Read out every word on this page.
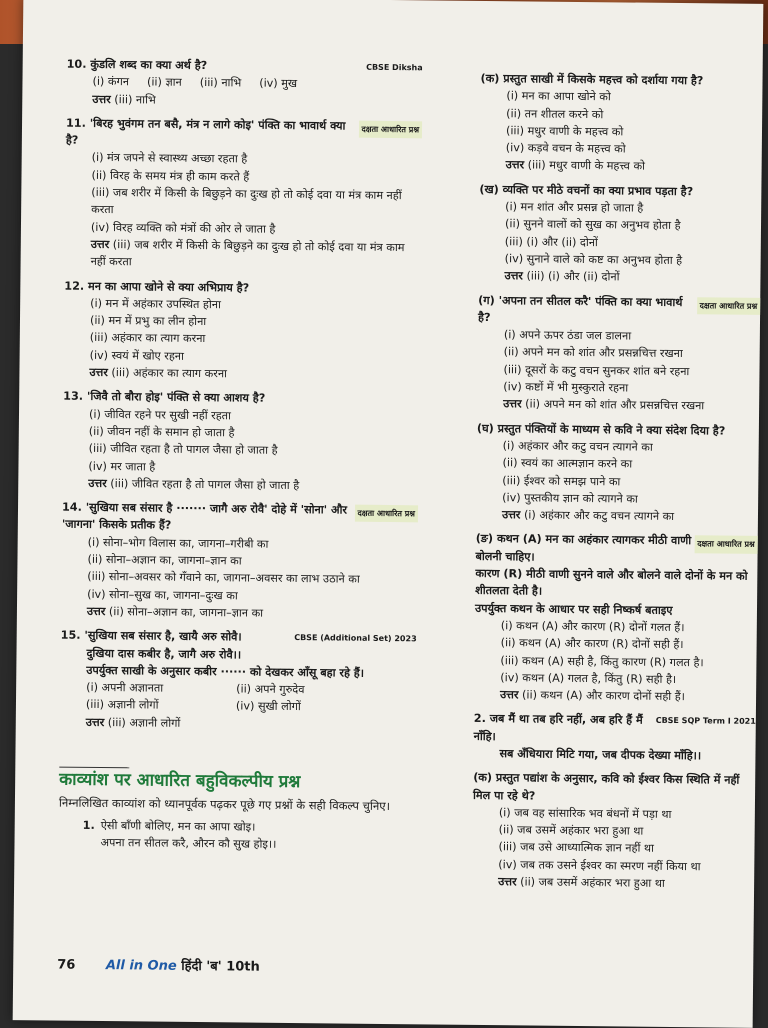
CBSE Diksha
10. कुंडलि शब्द का क्या अर्थ है?
(i) कंगन (ii) ज्ञान (iii) नाभि (iv) मुख
उत्तर (iii) नाभि
दक्षता आधारित प्रश्न
11. 'बिरह भुवंगम तन बसै, मंत्र न लागे कोइ' पंक्ति का भावार्थ क्या है?
(i) मंत्र जपने से स्वास्थ्य अच्छा रहता है
(ii) विरह के समय मंत्र ही काम करते हैं
(iii) जब शरीर में किसी के बिछुड़ने का दुःख हो तो कोई दवा या मंत्र काम नहीं करता
(iv) विरह व्यक्ति को मंत्रों की ओर ले जाता है
उत्तर (iii) जब शरीर में किसी के बिछुड़ने का दुःख हो तो कोई दवा या मंत्र काम नहीं करता
12. मन का आपा खोने से क्या अभिप्राय है?
(i) मन में अहंकार उपस्थित होना
(ii) मन में प्रभु का लीन होना
(iii) अहंकार का त्याग करना
(iv) स्वयं में खोए रहना
उत्तर (iii) अहंकार का त्याग करना
13. 'जिवै तो बौरा होइ' पंक्ति से क्या आशय है?
(i) जीवित रहने पर सुखी नहीं रहता
(ii) जीवन नहीं के समान हो जाता है
(iii) जीवित रहता है तो पागल जैसा हो जाता है
(iv) मर जाता है
उत्तर (iii) जीवित रहता है तो पागल जैसा हो जाता है
दक्षता आधारित प्रश्न
14. 'सुखिया सब संसार है ······· जागै अरु रोवै' दोहे में 'सोना' और 'जागना' किसके प्रतीक हैं?
(i) सोना–भोग विलास का, जागना–गरीबी का
(ii) सोना–अज्ञान का, जागना–ज्ञान का
(iii) सोना–अवसर को गँवाने का, जागना–अवसर का लाभ उठाने का
(iv) सोना–सुख का, जागना–दुःख का
उत्तर (ii) सोना–अज्ञान का, जागना–ज्ञान का
CBSE (Additional Set) 2023
15. 'सुखिया सब संसार है, खायै अरु सोवै।
दुखिया दास कबीर है, जागै अरु रोवै।।
उपर्युक्त साखी के अनुसार कबीर ······ को देखकर आँसू बहा रहे हैं।
(i) अपनी अज्ञानता	(ii) अपने गुरुदेव
(iii) अज्ञानी लोगों	(iv) सुखी लोगों
उत्तर (iii) अज्ञानी लोगों
काव्यांश पर आधारित बहुविकल्पीय प्रश्न
निम्नलिखित काव्यांश को ध्यानपूर्वक पढ़कर पूछे गए प्रश्नों के सही विकल्प चुनिए।
1. ऐसी बाँणी बोलिए, मन का आपा खोइ।
अपना तन सीतल करै, औरन कौ सुख होइ।।
(क) प्रस्तुत साखी में किसके महत्त्व को दर्शाया गया है?
(i) मन का आपा खोने को
(ii) तन शीतल करने को
(iii) मधुर वाणी के महत्त्व को
(iv) कड़वे वचन के महत्त्व को
उत्तर (iii) मधुर वाणी के महत्त्व को
(ख) व्यक्ति पर मीठे वचनों का क्या प्रभाव पड़ता है?
(i) मन शांत और प्रसन्न हो जाता है
(ii) सुनने वालों को सुख का अनुभव होता है
(iii) (i) और (ii) दोनों
(iv) सुनाने वाले को कष्ट का अनुभव होता है
उत्तर (iii) (i) और (ii) दोनों
दक्षता आधारित प्रश्न
(ग) 'अपना तन सीतल करै' पंक्ति का क्या भावार्थ है?
(i) अपने ऊपर ठंडा जल डालना
(ii) अपने मन को शांत और प्रसन्नचित्त रखना
(iii) दूसरों के कटु वचन सुनकर शांत बने रहना
(iv) कष्टों में भी मुस्कुराते रहना
उत्तर (ii) अपने मन को शांत और प्रसन्नचित्त रखना
(घ) प्रस्तुत पंक्तियों के माध्यम से कवि ने क्या संदेश दिया है?
(i) अहंकार और कटु वचन त्यागने का
(ii) स्वयं का आत्मज्ञान करने का
(iii) ईश्वर को समझ पाने का
(iv) पुस्तकीय ज्ञान को त्यागने का
उत्तर (i) अहंकार और कटु वचन त्यागने का
दक्षता आधारित प्रश्न
(ङ) कथन (A) मन का अहंकार त्यागकर मीठी वाणी बोलनी चाहिए।
कारण (R) मीठी वाणी सुनने वाले और बोलने वाले दोनों के मन को शीतलता देती है।
उपर्युक्त कथन के आधार पर सही निष्कर्ष बताइए
(i) कथन (A) और कारण (R) दोनों गलत हैं।
(ii) कथन (A) और कारण (R) दोनों सही हैं।
(iii) कथन (A) सही है, किंतु कारण (R) गलत है।
(iv) कथन (A) गलत है, किंतु (R) सही है।
उत्तर (ii) कथन (A) और कारण दोनों सही हैं।
CBSE SQP Term I 2021
2. जब मैं था तब हरि नहीं, अब हरि हैं मैं नाँहि।
सब अँधियारा मिटि गया, जब दीपक देख्या माँहि।।
(क) प्रस्तुत पद्यांश के अनुसार, कवि को ईश्वर किस स्थिति में नहीं मिल पा रहे थे?
(i) जब वह सांसारिक भव बंधनों में पड़ा था
(ii) जब उसमें अहंकार भरा हुआ था
(iii) जब उसे आध्यात्मिक ज्ञान नहीं था
(iv) जब तक उसने ईश्वर का स्मरण नहीं किया था
उत्तर (ii) जब उसमें अहंकार भरा हुआ था
76 All in One हिंदी 'ब' 10th
